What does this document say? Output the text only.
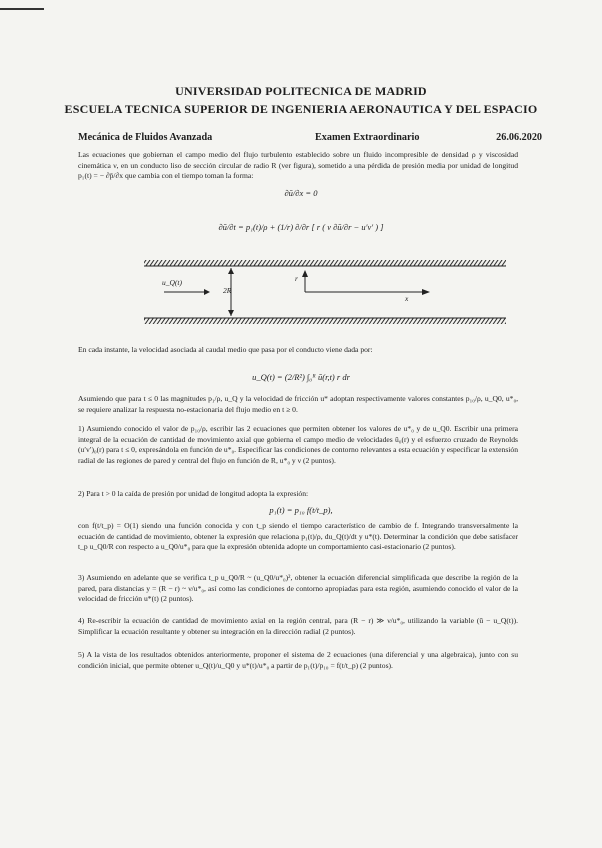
UNIVERSIDAD POLITECNICA DE MADRID
ESCUELA TECNICA SUPERIOR DE INGENIERIA AERONAUTICA Y DEL ESPACIO
Mecánica de Fluidos Avanzada	Examen Extraordinario	26.06.2020
Las ecuaciones que gobiernan el campo medio del flujo turbulento establecido sobre un fluido incompresible de densidad ρ y viscosidad cinemática ν, en un conducto liso de sección circular de radio R (ver figura), sometido a una pérdida de presión media por unidad de longitud p₁(t) = − ∂p̄/∂x que cambia con el tiempo toman la forma:
∂ū/∂x = 0
∂ū/∂t = p₁(t)/ρ + (1/r) ∂/∂r [ r ( ν ∂ū/∂r − u′v′ ) ]
u_Q(t)
2R
r
x
En cada instante, la velocidad asociada al caudal medio que pasa por el conducto viene dada por:
u_Q(t) = (2/R²) ∫₀ᴿ ū(r,t) r dr
Asumiendo que para t ≤ 0 las magnitudes p₁/ρ, u_Q y la velocidad de fricción u* adoptan respectivamente valores constantes p₁₀/ρ, u_Q0, u*₀, se requiere analizar la respuesta no-estacionaria del flujo medio en t ≥ 0.
1) Asumiendo conocido el valor de p₁₀/ρ, escribir las 2 ecuaciones que permiten obtener los valores de u*₀ y de u_Q0. Escribir una primera integral de la ecuación de cantidad de movimiento axial que gobierna el campo medio de velocidades ū₀(r) y el esfuerzo cruzado de Reynolds (u′v′)₀(r) para t ≤ 0, expresándola en función de u*₀. Especificar las condiciones de contorno relevantes a esta ecuación y especificar la extensión radial de las regiones de pared y central del flujo en función de R, u*₀ y ν (2 puntos).
2) Para t > 0 la caída de presión por unidad de longitud adopta la expresión:
p₁(t) = p₁₀ f(t/t_p),
con f(t/t_p) = O(1) siendo una función conocida y con t_p siendo el tiempo característico de cambio de f. Integrando transversalmente la ecuación de cantidad de movimiento, obtener la expresión que relaciona p₁(t)/ρ, du_Q(t)/dt y u*(t). Determinar la condición que debe satisfacer t_p u_Q0/R con respecto a u_Q0/u*₀ para que la expresión obtenida adopte un comportamiento casi-estacionario (2 puntos).
3) Asumiendo en adelante que se verifica t_p u_Q0/R ~ (u_Q0/u*₀)², obtener la ecuación diferencial simplificada que describe la región de la pared, para distancias y = (R − r) ~ ν/u*₀, así como las condiciones de contorno apropiadas para esta región, asumiendo conocido el valor de la velocidad de fricción u*(t) (2 puntos).
4) Re-escribir la ecuación de cantidad de movimiento axial en la región central, para (R − r) ≫ ν/u*₀, utilizando la variable (ū − u_Q(t)). Simplificar la ecuación resultante y obtener su integración en la dirección radial (2 puntos).
5) A la vista de los resultados obtenidos anteriormente, proponer el sistema de 2 ecuaciones (una diferencial y una algebraica), junto con su condición inicial, que permite obtener u_Q(t)/u_Q0 y u*(t)/u*₀ a partir de p₁(t)/p₁₀ = f(t/t_p) (2 puntos).
